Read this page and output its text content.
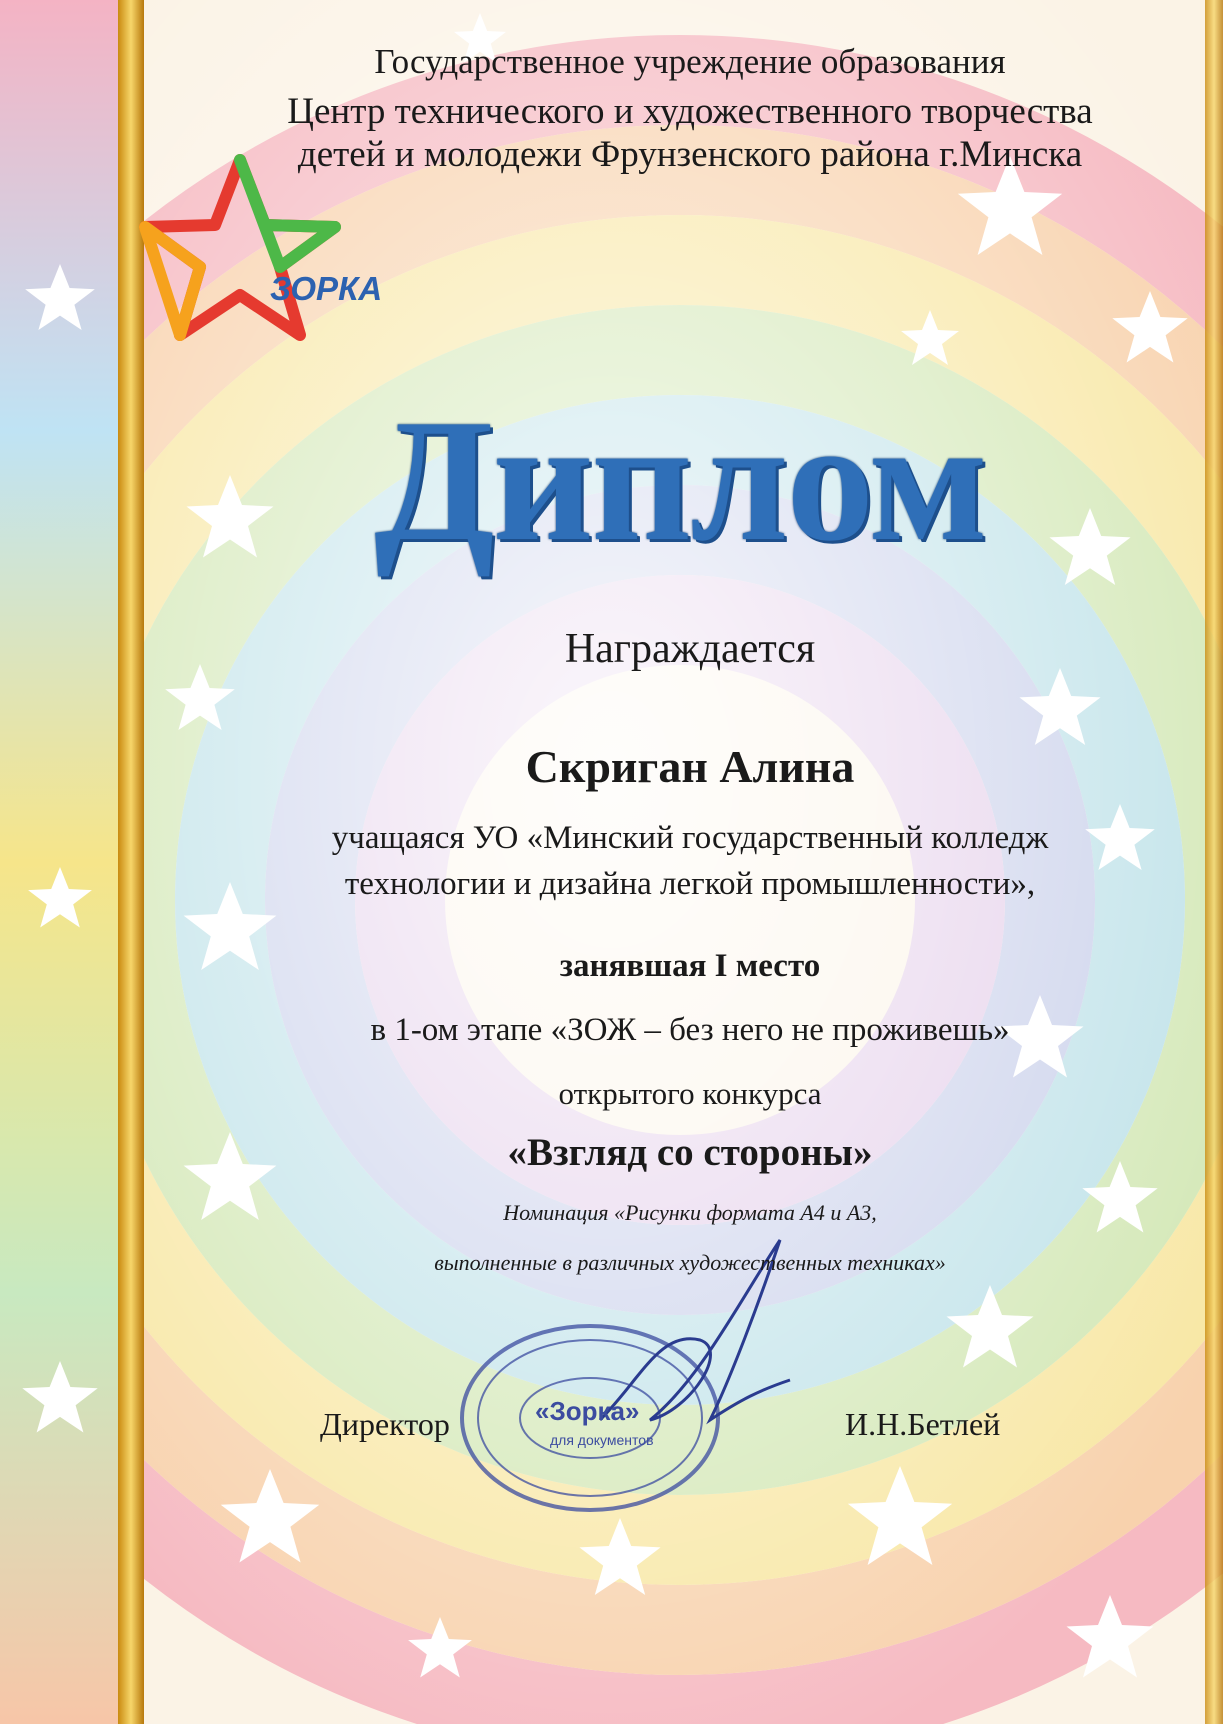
ЗОРКА
Государственное учреждение образования
Центр технического и художественного творчества
детей и молодежи Фрунзенского района г.Минска
Диплом
Награждается
Скриган Алина
учащаяся УО «Минский государственный колледж
технологии и дизайна легкой промышленности»,
занявшая I место
в 1-ом этапе «ЗОЖ – без него не проживешь»
открытого конкурса
«Взгляд со стороны»
Номинация «Рисунки формата А4 и А3,
выполненные в различных художественных техниках»
Директор	И.Н.Бетлей
«Зорка»
для документов
